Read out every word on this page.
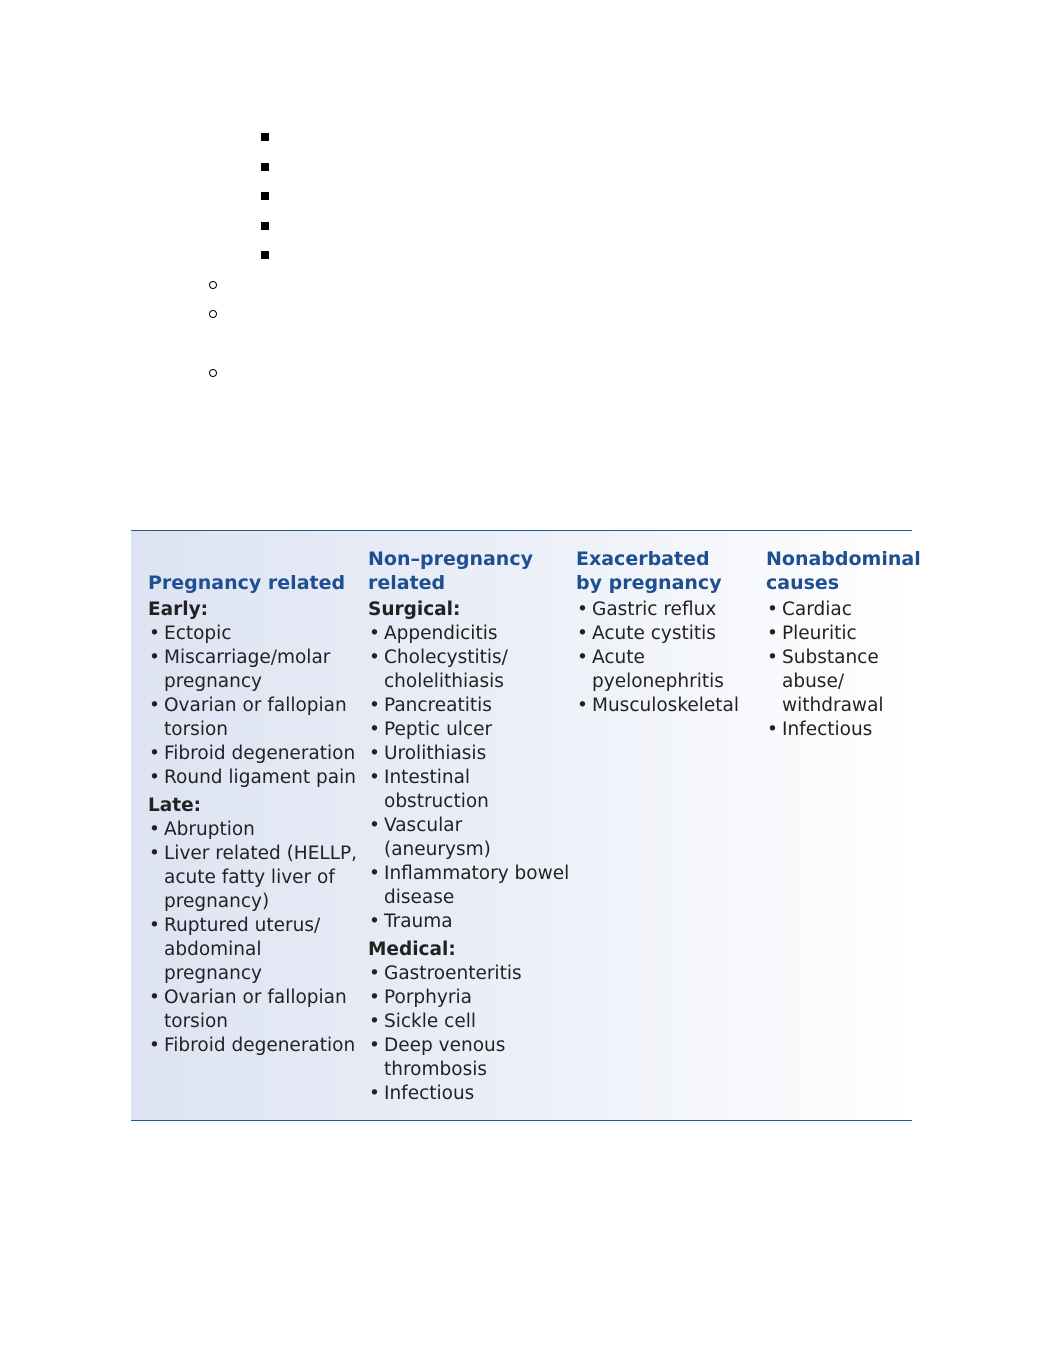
Pregnancy related

Early:

• Ectopic

• Miscarriage/molar pregnancy

• Ovarian or fallopian torsion

• Fibroid degeneration

• Round ligament pain

Late:

• Abruption

• Liver related (HELLP, acute fatty liver of pregnancy)

• Ruptured uterus/ abdominal pregnancy

• Ovarian or fallopian torsion

• Fibroid degeneration

Non–pregnancy related

Surgical:

• Appendicitis

• Cholecystitis/ cholelithiasis

• Pancreatitis

• Peptic ulcer

• Urolithiasis

• Intestinal obstruction

• Vascular (aneurysm)

• Inflammatory bowel disease

• Trauma

Medical:

• Gastroenteritis

• Porphyria

• Sickle cell

• Deep venous thrombosis

• Infectious

Exacerbated by pregnancy

• Gastric reflux

• Acute cystitis

• Acute pyelonephritis

• Musculoskeletal

Nonabdominal causes

• Cardiac

• Pleuritic

• Substance abuse/ withdrawal

• Infectious
